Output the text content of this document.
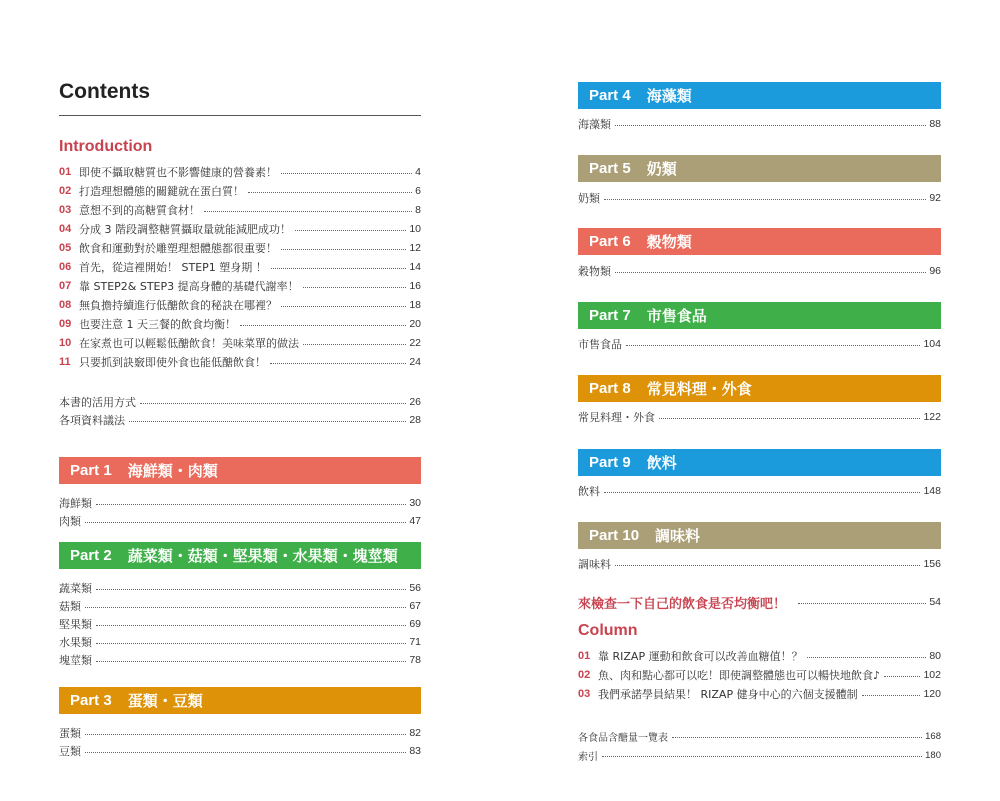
Contents
Introduction
01 即使不攝取糖質也不影響健康的營養素！	4
02 打造理想體態的關鍵就在蛋白質！	6
03 意想不到的高糖質食材！	8
04 分成 3 階段調整糖質攝取量就能減肥成功！	10
05 飲食和運動對於雕塑理想體態都很重要！	12
06 首先，從這裡開始！ STEP1 塑身期 ！	14
07 靠 STEP2& STEP3 提高身體的基礎代謝率！	16
08 無負擔持續進行低醣飲食的秘訣在哪裡？	18
09 也要注意 1 天三餐的飲食均衡！	20
10 在家煮也可以輕鬆低醣飲食！美味菜單的做法	22
11 只要抓到訣竅即使外食也能低醣飲食！	24
本書的活用方式	26
各項資料議法	28
Part 1 海鮮類・肉類
海鮮類	30
肉類	47
Part 2 蔬菜類・菇類・堅果類・水果類・塊莖類
蔬菜類	56
菇類	67
堅果類	69
水果類	71
塊莖類	78
Part 3 蛋類・豆類
蛋類	82
豆類	83
Part 4 海藻類
海藻類	88
Part 5 奶類
奶類	92
Part 6 穀物類
穀物類	96
Part 7 市售食品
市售食品	104
Part 8 常見料理・外食
常見料理・外食	122
Part 9 飲料
飲料	148
Part 10 調味料
調味料	156
來檢查一下自己的飲食是否均衡吧！	54
Column
01 靠 RIZAP 運動和飲食可以改善血糖值！？	80
02 魚、肉和點心都可以吃！即使調整體態也可以暢快地飲食♪	102
03 我們承諾學員結果！ RIZAP 健身中心的六個支援體制	120
各食品含醣量一覽表	168
索引	180
